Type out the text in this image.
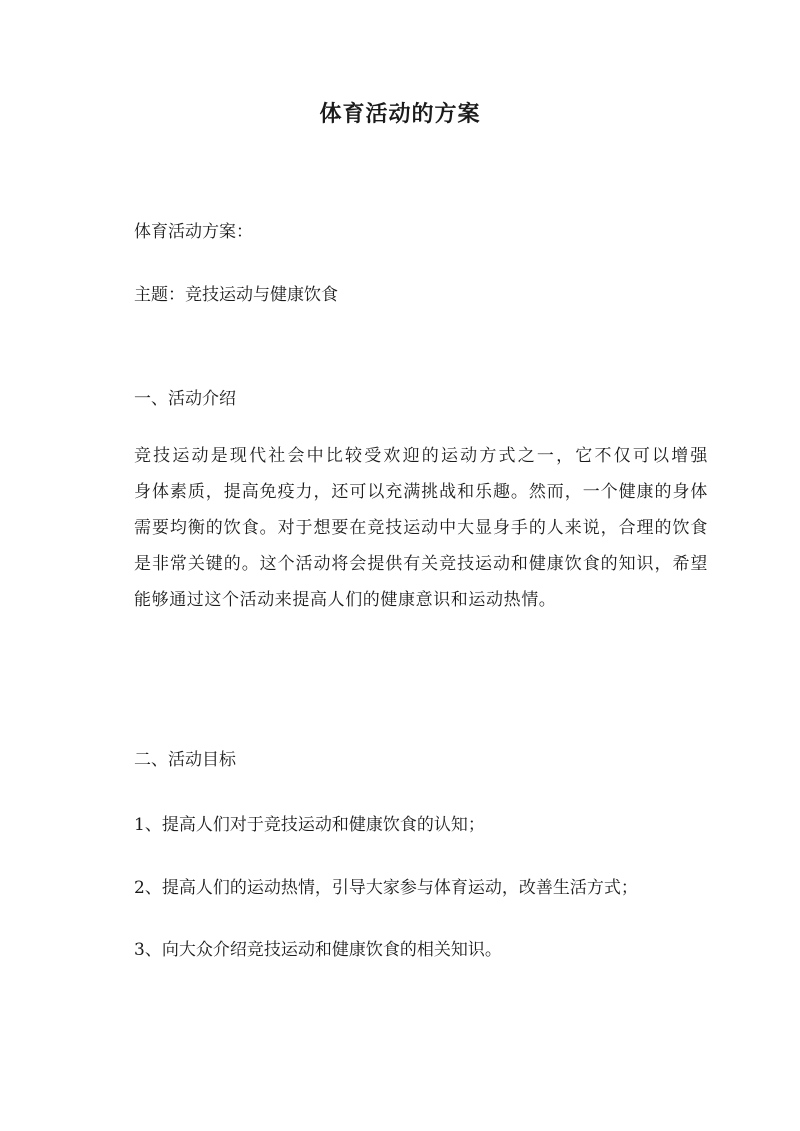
体育活动的方案

体育活动方案：

主题：竞技运动与健康饮食

一、活动介绍

竞技运动是现代社会中比较受欢迎的运动方式之一，它不仅可以增强
身体素质，提高免疫力，还可以充满挑战和乐趣。然而，一个健康的身体
需要均衡的饮食。对于想要在竞技运动中大显身手的人来说，合理的饮食
是非常关键的。这个活动将会提供有关竞技运动和健康饮食的知识，希望
能够通过这个活动来提高人们的健康意识和运动热情。

二、活动目标

1、提高人们对于竞技运动和健康饮食的认知；

2、提高人们的运动热情，引导大家参与体育运动，改善生活方式；

3、向大众介绍竞技运动和健康饮食的相关知识。
